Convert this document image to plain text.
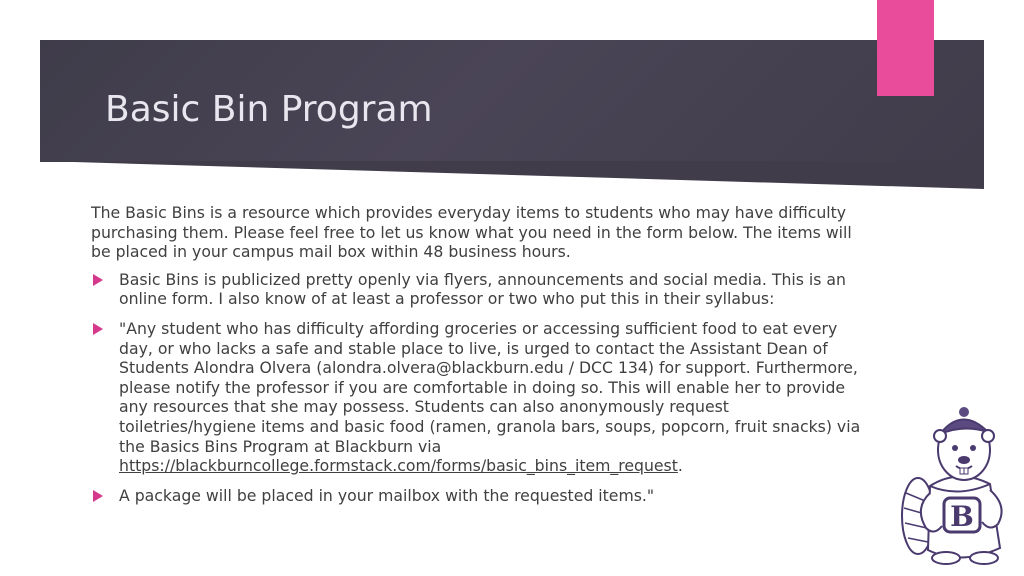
Basic Bin Program

The Basic Bins is a resource which provides everyday items to students who may have difficulty purchasing them. Please feel free to let us know what you need in the form below. The items will be placed in your campus mail box within 48 business hours.

Basic Bins is publicized pretty openly via flyers, announcements and social media. This is an online form. I also know of at least a professor or two who put this in their syllabus:
"Any student who has difficulty affording groceries or accessing sufficient food to eat every day, or who lacks a safe and stable place to live, is urged to contact the Assistant Dean of Students Alondra Olvera (alondra.olvera@blackburn.edu / DCC 134) for support. Furthermore, please notify the professor if you are comfortable in doing so. This will enable her to provide any resources that she may possess. Students can also anonymously request toiletries/hygiene items and basic food (ramen, granola bars, soups, popcorn, fruit snacks) via the Basics Bins Program at Blackburn via https://blackburncollege.formstack.com/forms/basic_bins_item_request.
A package will be placed in your mailbox with the requested items."
B
